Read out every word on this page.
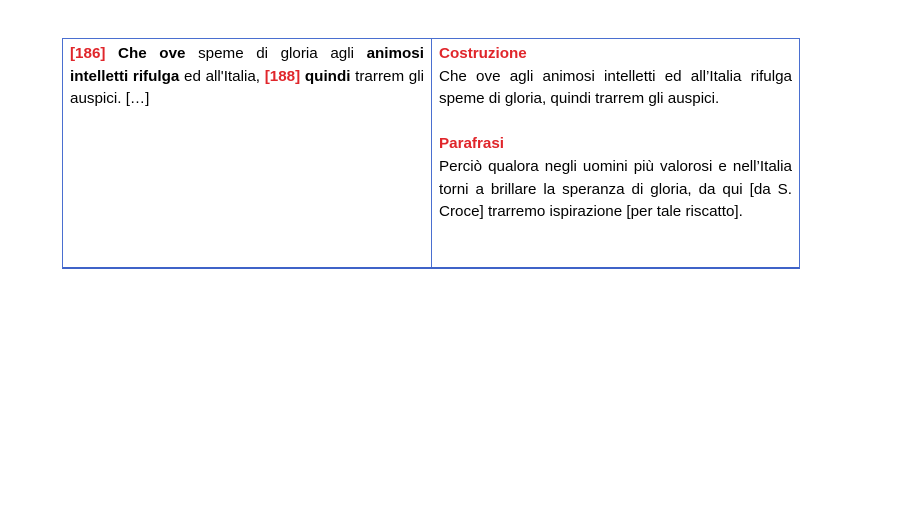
[186] Che ove speme di gloria agli animosi intelletti rifulga ed all'Italia, [188] quindi trarrem gli auspici. […]
Costruzione
Che ove agli animosi intelletti ed all’Italia rifulga speme di gloria, quindi trarrem gli auspici.
Parafrasi
Perciò qualora negli uomini più valorosi e nell’Italia torni a brillare la speranza di gloria, da qui [da S. Croce] trarremo ispirazione [per tale riscatto].
